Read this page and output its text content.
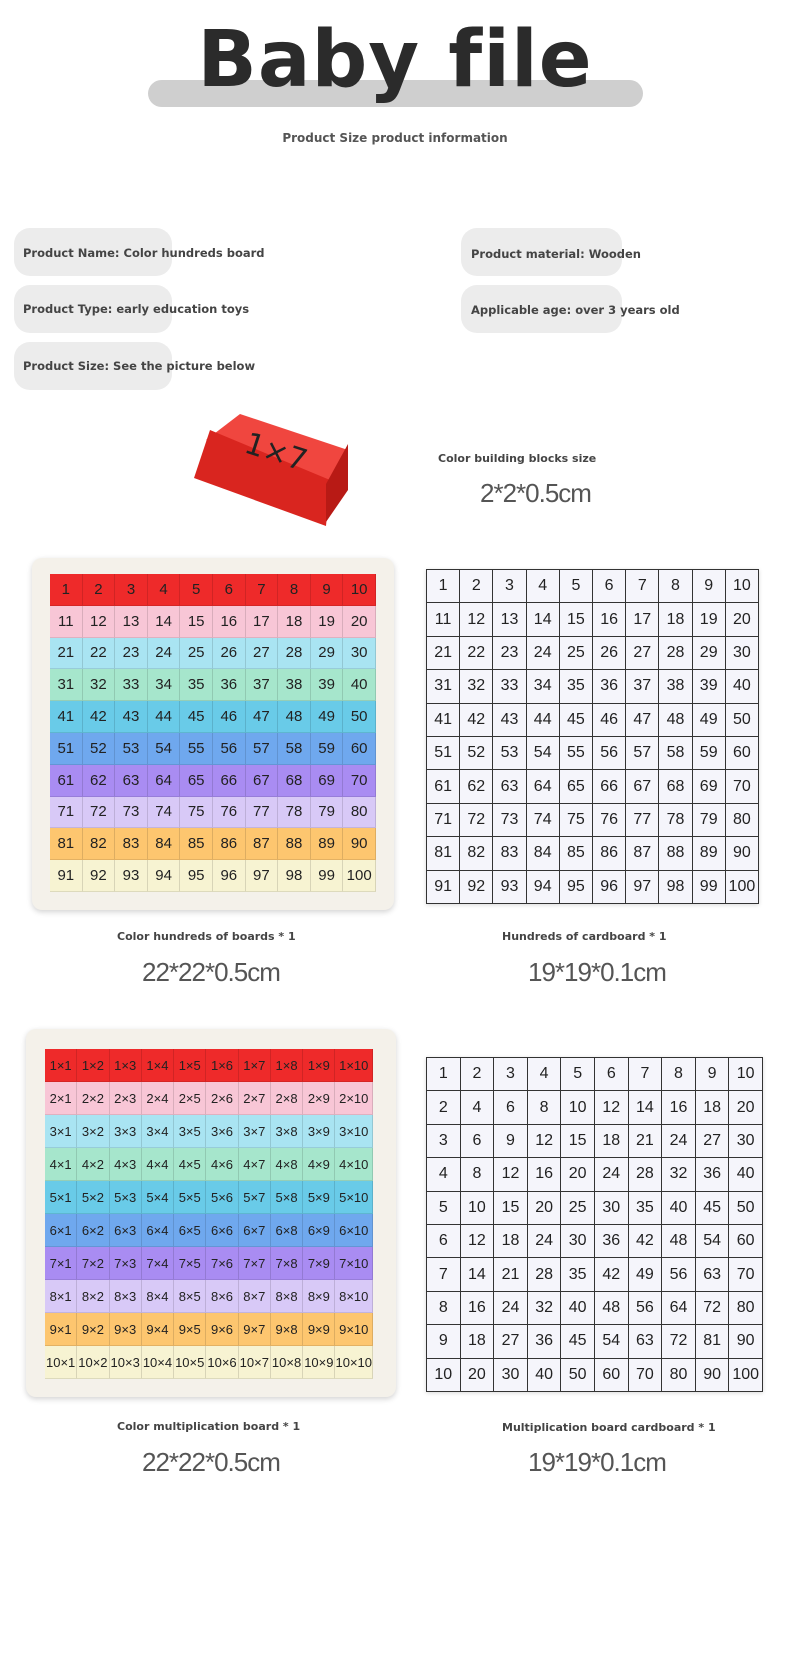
Baby file
Product Size product information
Product Name: Color hundreds board
Product Type: early education toys
Product Size: See the picture below
Product material: Wooden
Applicable age: over 3 years old
1×7	Color building blocks size
2*2*0.5cm
1	2	3	4	5	6	7	8	9	10
11	12	13	14	15	16	17	18	19	20
21	22	23	24	25	26	27	28	29	30
31	32	33	34	35	36	37	38	39	40
41	42	43	44	45	46	47	48	49	50
51	52	53	54	55	56	57	58	59	60
61	62	63	64	65	66	67	68	69	70
71	72	73	74	75	76	77	78	79	80
81	82	83	84	85	86	87	88	89	90
91	92	93	94	95	96	97	98	99 100
Color hundreds of boards * 1
22*22*0.5cm
1	2	3	4	5	6	7	8	9	10
11	12 13 14 15 16 17 18 19 20
21 22 23 24 25 26 27 28 29 30
31 32 33 34 35 36 37 38 39 40
41 42 43 44 45 46 47 48 49 50
51 52 53 54 55 56 57 58 59 60
61 62 63 64 65 66 67 68 69 70
71 72 73 74 75 76 77 78 79 80
81 82 83 84 85 86 87 88 89 90
91 92 93 94 95 96 97 98 99 100
Hundreds of cardboard * 1
19*19*0.1cm
1×1 1×2 1×3 1×4 1×5 1×6 1×7 1×8 1×9 1×10
2×1 2×2 2×3 2×4 2×5 2×6 2×7 2×8 2×9 2×10
3×1 3×2 3×3 3×4 3×5 3×6 3×7 3×8 3×9 3×10
4×1 4×2 4×3 4×4 4×5 4×6 4×7 4×8 4×9 4×10
5×1 5×2 5×3 5×4 5×5 5×6 5×7 5×8 5×9 5×10
6×1 6×2 6×3 6×4 6×5 6×6 6×7 6×8 6×9 6×10
7×1 7×2 7×3 7×4 7×5 7×6 7×7 7×8 7×9 7×10
8×1 8×2 8×3 8×4 8×5 8×6 8×7 8×8 8×9 8×10
9×1 9×2 9×3 9×4 9×5 9×6 9×7 9×8 9×9 9×10
10×1 10×2 10×3 10×4 10×5 10×6 10×7 10×8 10×9 10×10
Color multiplication board * 1
22*22*0.5cm
1	2	3	4	5	6	7	8	9	10
2	4	6	8	10 12 14 16 18 20
3	6	9	12 15 18 21 24 27 30
4	8	12 16 20 24 28 32 36 40
5	10 15 20 25 30 35 40 45 50
6	12 18 24 30 36 42 48 54 60
7	14 21 28 35 42 49 56 63 70
8	16 24 32 40 48 56 64 72 80
9	18 27 36 45 54 63 72 81 90
10 20 30 40 50 60 70 80 90 100
Multiplication board cardboard * 1
19*19*0.1cm
